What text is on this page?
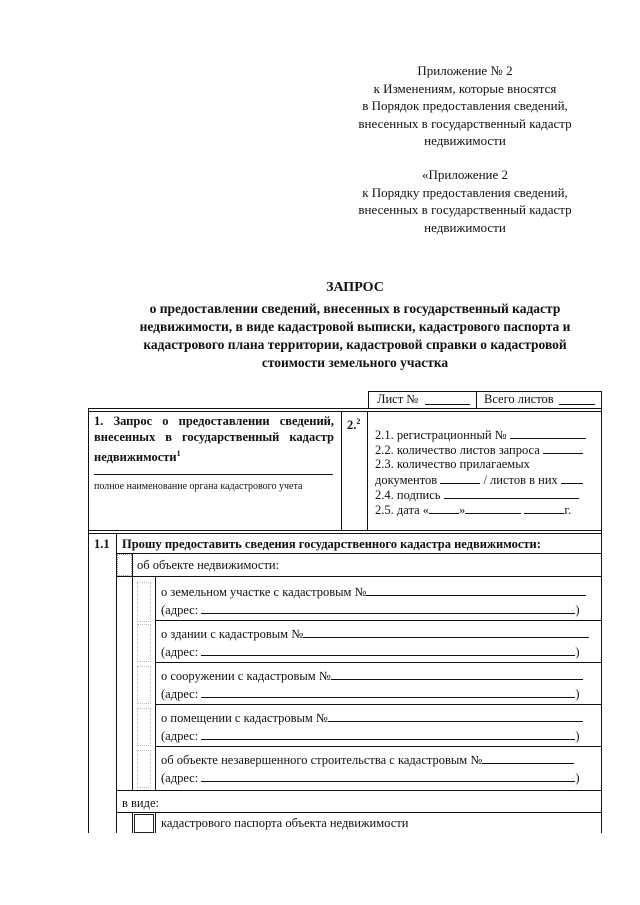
Приложение № 2
к Изменениям, которые вносятся
в Порядок предоставления сведений,
внесенных в государственный кадастр
недвижимости
«Приложение 2
к Порядку предоставления сведений,
внесенных в государственный кадастр
недвижимости
ЗАПРОС
о предоставлении сведений, внесенных в государственный кадастр
недвижимости, в виде кадастровой выписки, кадастрового паспорта и
кадастрового плана территории, кадастровой справки о кадастровой
стоимости земельного участка
Лист №	Всего листов
1. Запрос о предоставлении сведений,
внесенных в государственный кадастр
недвижимости$^1$
полное наименование органа кадастрового учета
2.$^2$
2.1. регистрационный №
2.2. количество листов запроса
2.3. количество прилагаемых
документов	/ листов в них
2.4. подпись
2.5. дата « »	г.
1.1 Прошу предоставить сведения государственного кадастра недвижимости:
об объекте недвижимости:
о земельном участке с кадастровым №
(адрес:	)
о здании с кадастровым №
(адрес:	)
о сооружении с кадастровым №
(адрес:	)
о помещении с кадастровым №
(адрес:	)
об объекте незавершенного строительства с кадастровым №
(адрес:	)
в виде:
кадастрового паспорта объекта недвижимости
